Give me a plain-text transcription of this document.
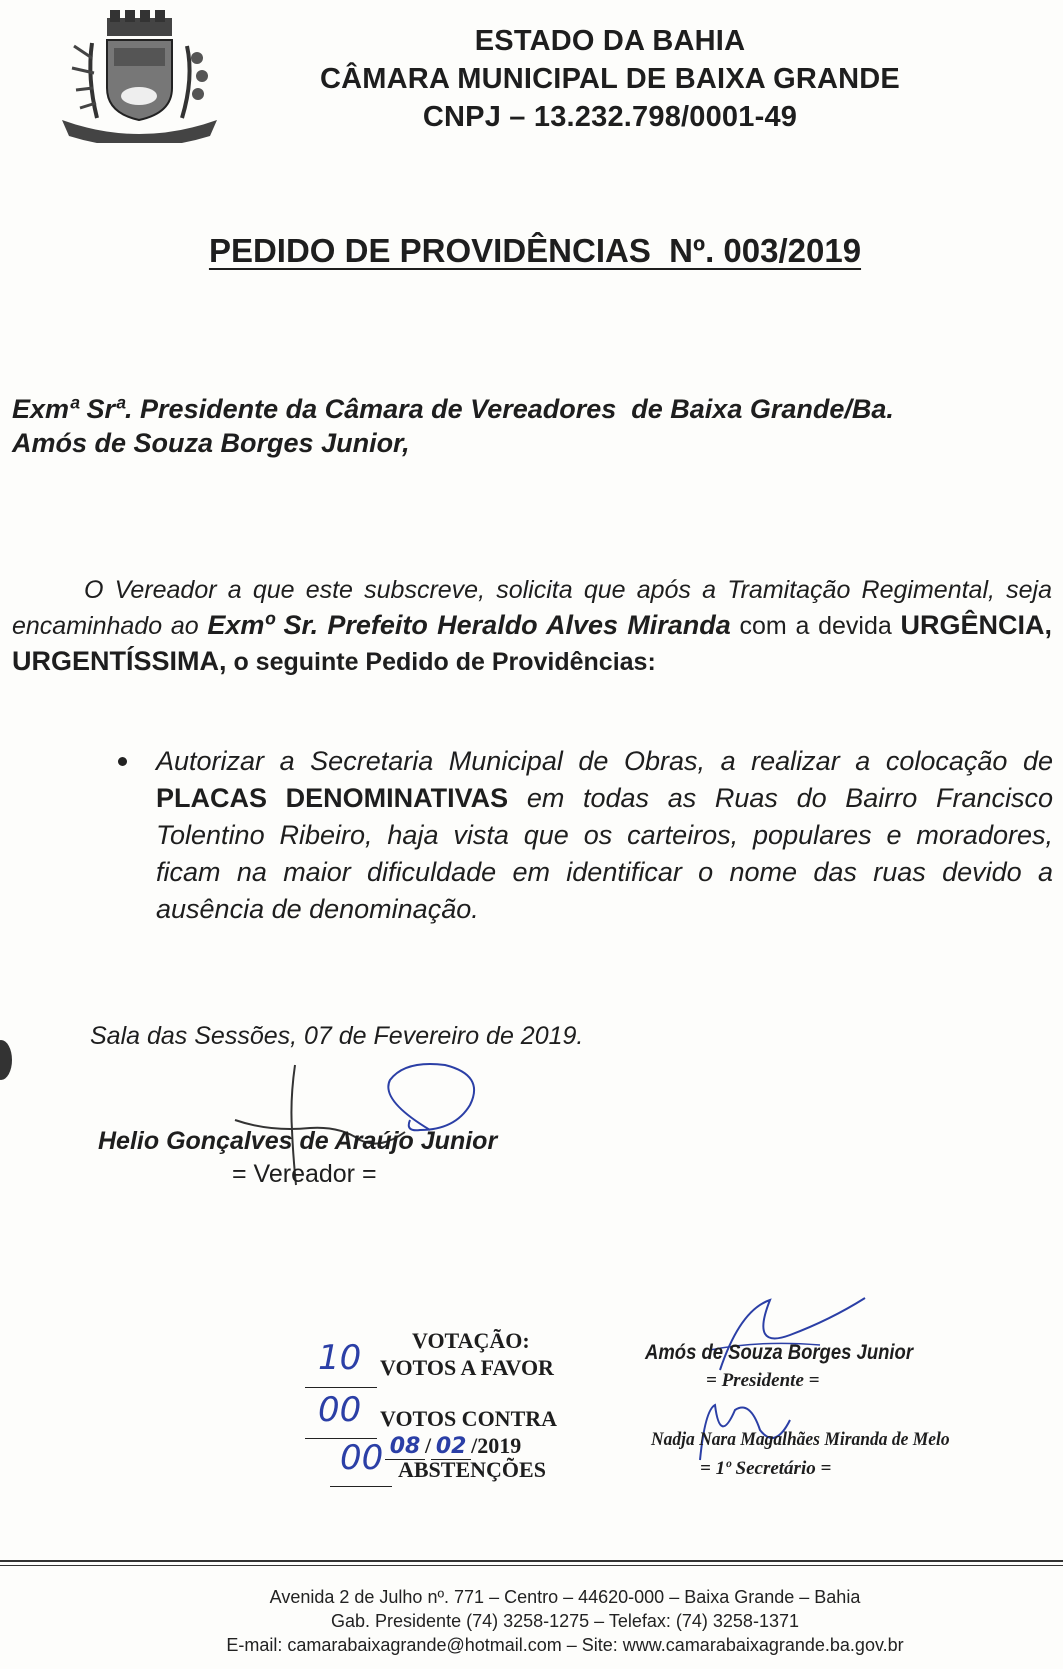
ESTADO DA BAHIA
CÂMARA MUNICIPAL DE BAIXA GRANDE
CNPJ – 13.232.798/0001-49
PEDIDO DE PROVIDÊNCIAS  Nº. 003/2019
Exmª Srª. Presidente da Câmara de Vereadores  de Baixa Grande/Ba.
Amós de Souza Borges Junior,
O Vereador a que este subscreve, solicita que após a Tramitação Regimental, seja encaminhado ao Exmº Sr. Prefeito Heraldo Alves Miranda com a devida URGÊNCIA, URGENTÍSSIMA, o seguinte Pedido de Providências:
Autorizar a Secretaria Municipal de Obras, a realizar a colocação de PLACAS DENOMINATIVAS em todas as Ruas do Bairro Francisco Tolentino Ribeiro, haja vista que os carteiros, populares e moradores, ficam na maior dificuldade em identificar o nome das ruas devido a ausência de denominação.
Sala das Sessões, 07 de Fevereiro de 2019.
Helio Gonçalves de Araújo Junior
= Vereador =
VOTAÇÃO:
10 VOTOS A FAVOR
00 VOTOS CONTRA
08 / 02 /2019
00 ABSTENÇÕES
Amós de Souza Borges Junior
= Presidente =
Nadja Nara Magalhães Miranda de Melo
= 1º Secretário =
Avenida 2 de Julho nº. 771 – Centro – 44620-000 – Baixa Grande – Bahia
Gab. Presidente (74) 3258-1275 – Telefax: (74) 3258-1371
E-mail: camarabaixagrande@hotmail.com – Site: www.camarabaixagrande.ba.gov.br
